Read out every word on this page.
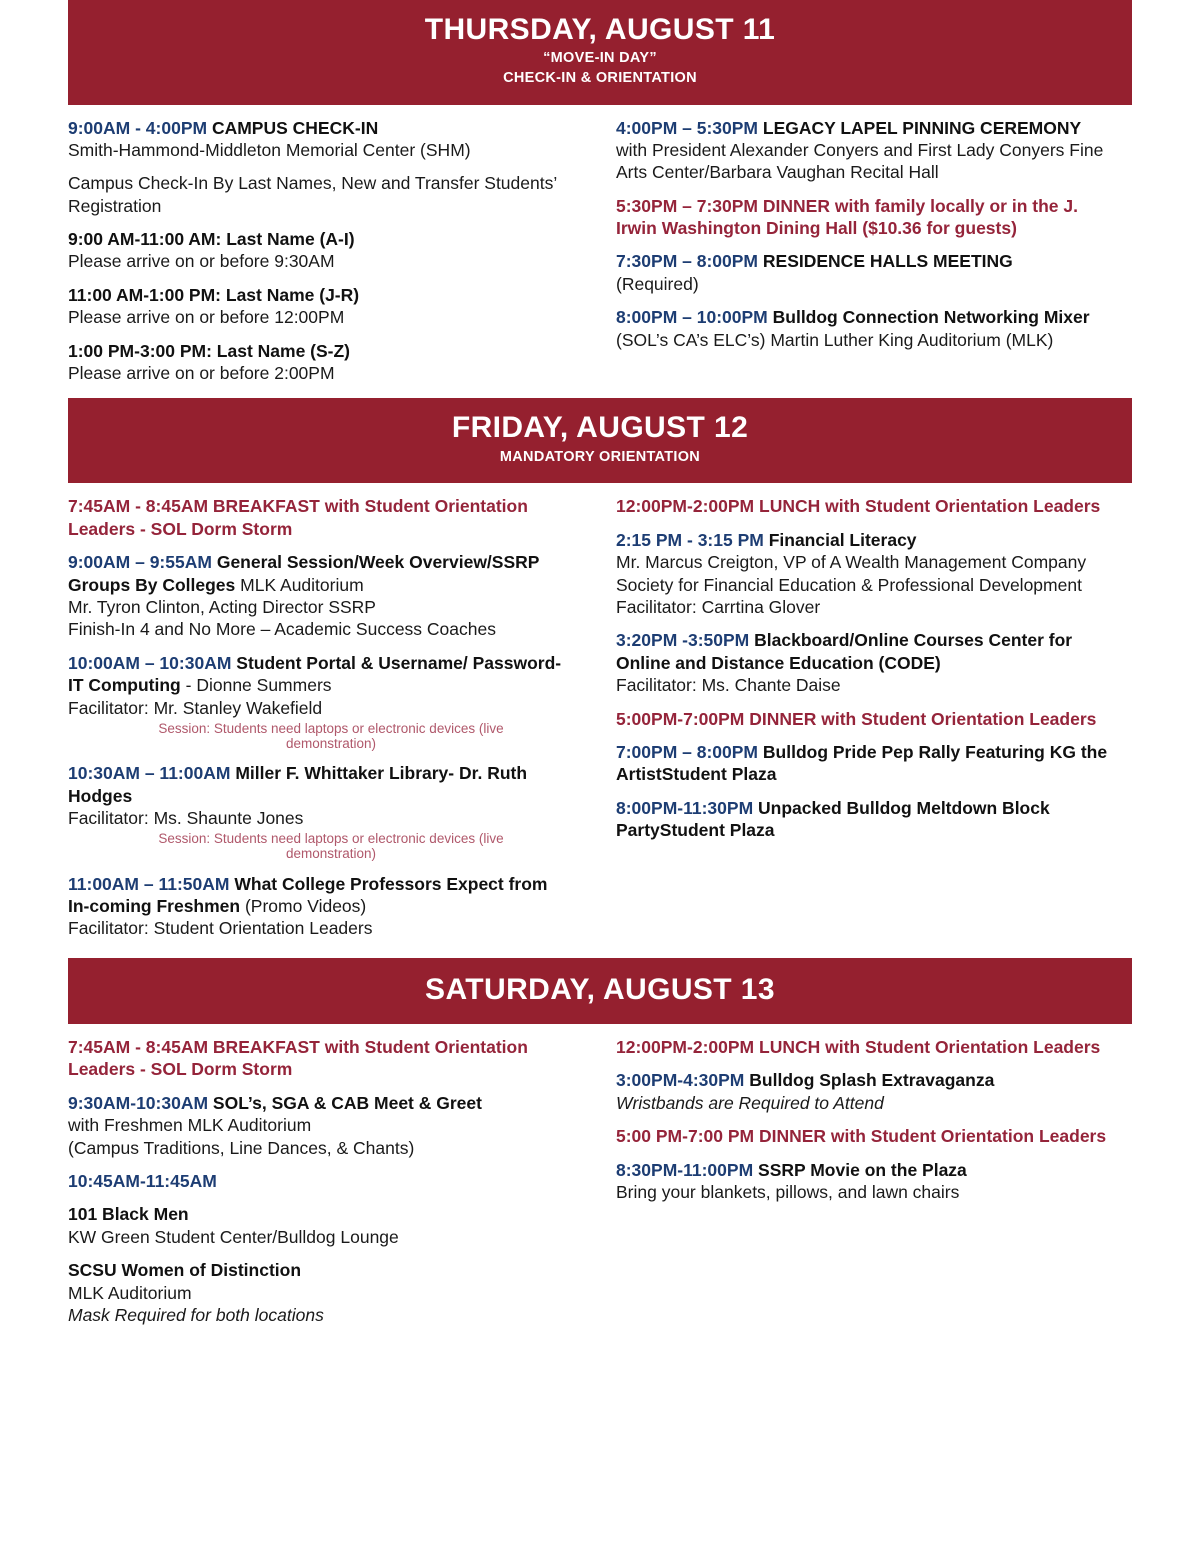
THURSDAY, AUGUST 11
“MOVE-IN DAY”
CHECK-IN & ORIENTATION
9:00AM - 4:00PM CAMPUS CHECK-IN
Smith-Hammond-Middleton Memorial Center (SHM)
Campus Check-In By Last Names, New and Transfer Students’ Registration
9:00 AM-11:00 AM: Last Name (A-I)
Please arrive on or before 9:30AM
11:00 AM-1:00 PM: Last Name (J-R)
Please arrive on or before 12:00PM
1:00 PM-3:00 PM: Last Name (S-Z)
Please arrive on or before 2:00PM
4:00PM – 5:30PM LEGACY LAPEL PINNING CEREMONY with President Alexander Conyers and First Lady Conyers Fine Arts Center/Barbara Vaughan Recital Hall
5:30PM – 7:30PM DINNER with family locally or in the J. Irwin Washington Dining Hall ($10.36 for guests)
7:30PM – 8:00PM RESIDENCE HALLS MEETING
(Required)
8:00PM – 10:00PM Bulldog Connection Networking Mixer (SOL’s CA’s ELC’s) Martin Luther King Auditorium (MLK)
FRIDAY, AUGUST 12
MANDATORY ORIENTATION
7:45AM - 8:45AM BREAKFAST with Student Orientation Leaders - SOL Dorm Storm
9:00AM – 9:55AM General Session/Week Overview/SSRP Groups By Colleges MLK Auditorium
Mr. Tyron Clinton, Acting Director SSRP
Finish-In 4 and No More – Academic Success Coaches
10:00AM – 10:30AM Student Portal & Username/ Password-IT Computing - Dionne Summers
Facilitator: Mr. Stanley Wakefield
Session: Students need laptops or electronic devices (live demonstration)
10:30AM – 11:00AM Miller F. Whittaker Library- Dr. Ruth Hodges
Facilitator: Ms. Shaunte Jones
Session: Students need laptops or electronic devices (live demonstration)
11:00AM – 11:50AM What College Professors Expect from In-coming Freshmen (Promo Videos)
Facilitator: Student Orientation Leaders
12:00PM-2:00PM LUNCH with Student Orientation Leaders
2:15 PM - 3:15 PM Financial Literacy
Mr. Marcus Creigton, VP of A Wealth Management Company
Society for Financial Education & Professional Development
Facilitator: Carrtina Glover
3:20PM -3:50PM Blackboard/Online Courses Center for Online and Distance Education (CODE)
Facilitator: Ms. Chante Daise
5:00PM-7:00PM DINNER with Student Orientation Leaders
7:00PM – 8:00PM Bulldog Pride Pep Rally Featuring KG the ArtistStudent Plaza
8:00PM-11:30PM Unpacked Bulldog Meltdown Block PartyStudent Plaza
SATURDAY, AUGUST 13
7:45AM - 8:45AM BREAKFAST with Student Orientation Leaders - SOL Dorm Storm
9:30AM-10:30AM SOL’s, SGA & CAB Meet & Greet
with Freshmen MLK Auditorium
(Campus Traditions, Line Dances, & Chants)
10:45AM-11:45AM
101 Black Men
KW Green Student Center/Bulldog Lounge
SCSU Women of Distinction
MLK Auditorium
Mask Required for both locations
12:00PM-2:00PM LUNCH with Student Orientation Leaders
3:00PM-4:30PM Bulldog Splash Extravaganza
Wristbands are Required to Attend
5:00 PM-7:00 PM DINNER with Student Orientation Leaders
8:30PM-11:00PM SSRP Movie on the Plaza
Bring your blankets, pillows, and lawn chairs
